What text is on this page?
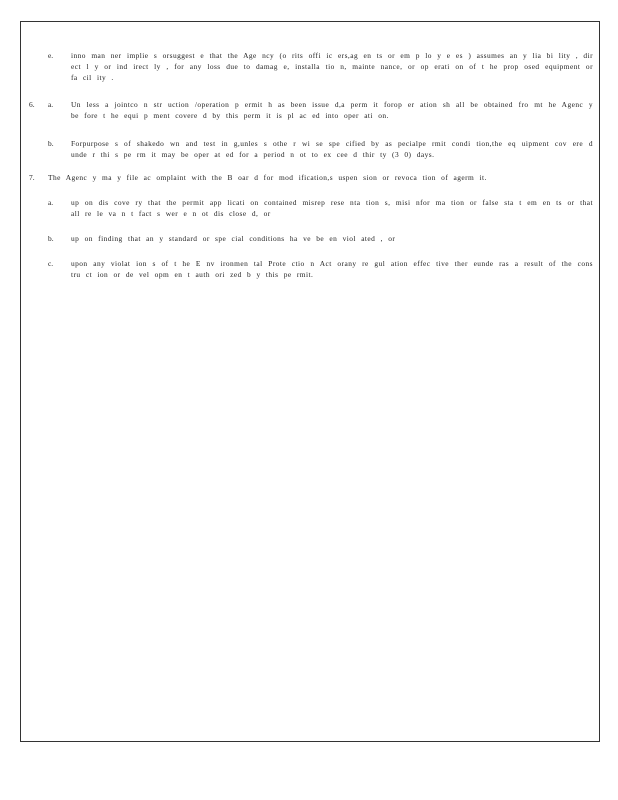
e. inno man ner implie s orsuggest e that the Age ncy (o rits offi ic ers,ag en ts or em p lo y e es ) assumes an y lia bi lity , dir ect l y or ind irect ly , for any loss due to damag e, installa tio n, mainte nance, or op erati on of t he prop osed equipment or fa cil ity .
6. a. Un less a jointco n str uction /operation p ermit h as been issue d,a perm it forop er ation sh all be obtained fro mt he Agenc y be fore t he equi p ment covere d by this perm it is pl ac ed into oper ati on.
b. Forpurpose s of shakedo wn and test in g,unles s othe r wi se spe cified by as pecialpe rmit condi tion,the eq uipment cov ere d unde r thi s pe rm it may be oper at ed for a period n ot to ex cee d thir ty (3 0) days.
7. The Agenc y ma y file ac omplaint with the B oar d for mod ification,s uspen sion or revoca tion of agerm it.
a. up on dis cove ry that the permit app licati on contained misrep rese nta tion s, misi nfor ma tion or false sta t em en ts or that all re le va n t fact s wer e n ot dis close d, or
b. up on finding that an y standard or spe cial conditions ha ve be en viol ated , or
c. upon any violat ion s of t he E nv ironmen tal Prote ctio n Act orany re gul ation effec tive ther eunde ras a result of the cons tru ct ion or de vel opm en t auth ori zed b y this pe rmit.
